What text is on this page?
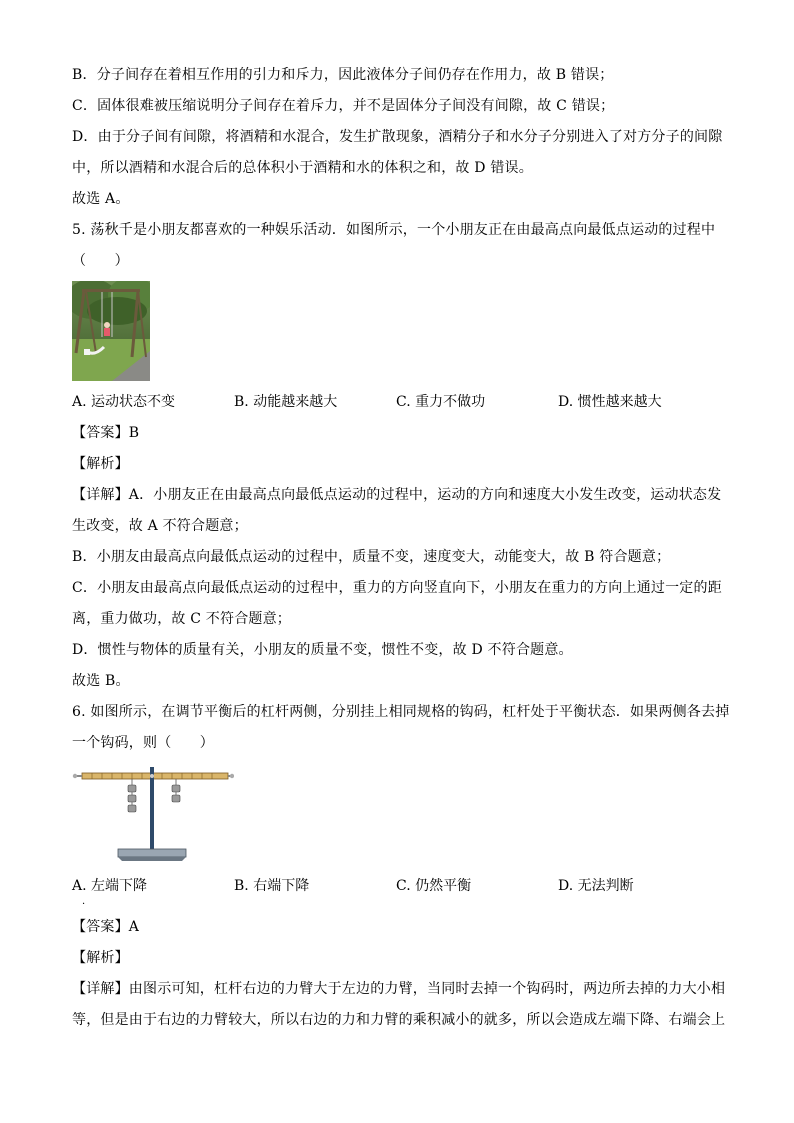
B．分子间存在着相互作用的引力和斥力，因此液体分子间仍存在作用力，故 B 错误；
C．固体很难被压缩说明分子间存在着斥力，并不是固体分子间没有间隙，故 C 错误；
D．由于分子间有间隙，将酒精和水混合，发生扩散现象，酒精分子和水分子分别进入了对方分子的间隙
中，所以酒精和水混合后的总体积小于酒精和水的体积之和，故 D 错误。
故选 A。
5. 荡秋千是小朋友都喜欢的一种娱乐活动．如图所示，一个小朋友正在由最高点向最低点运动的过程中
（　　）
A. 运动状态不变	B. 动能越来越大	C. 重力不做功	D. 惯性越来越大
【答案】B
【解析】
【详解】A．小朋友正在由最高点向最低点运动的过程中，运动的方向和速度大小发生改变，运动状态发
生改变，故 A 不符合题意；
B．小朋友由最高点向最低点运动的过程中，质量不变，速度变大，动能变大，故 B 符合题意；
C．小朋友由最高点向最低点运动的过程中，重力的方向竖直向下，小朋友在重力的方向上通过一定的距
离，重力做功，故 C 不符合题意；
D．惯性与物体的质量有关，小朋友的质量不变，惯性不变，故 D 不符合题意。
故选 B。
6. 如图所示，在调节平衡后的杠杆两侧，分别挂上相同规格的钩码，杠杆处于平衡状态．如果两侧各去掉
一个钩码，则（　　）
A. 左端下降	B. 右端下降	C. 仍然平衡	D. 无法判断
·
【答案】A
【解析】
【详解】由图示可知，杠杆右边的力臂大于左边的力臂，当同时去掉一个钩码时，两边所去掉的力大小相
等，但是由于右边的力臂较大，所以右边的力和力臂的乘积减小的就多，所以会造成左端下降、右端会上
